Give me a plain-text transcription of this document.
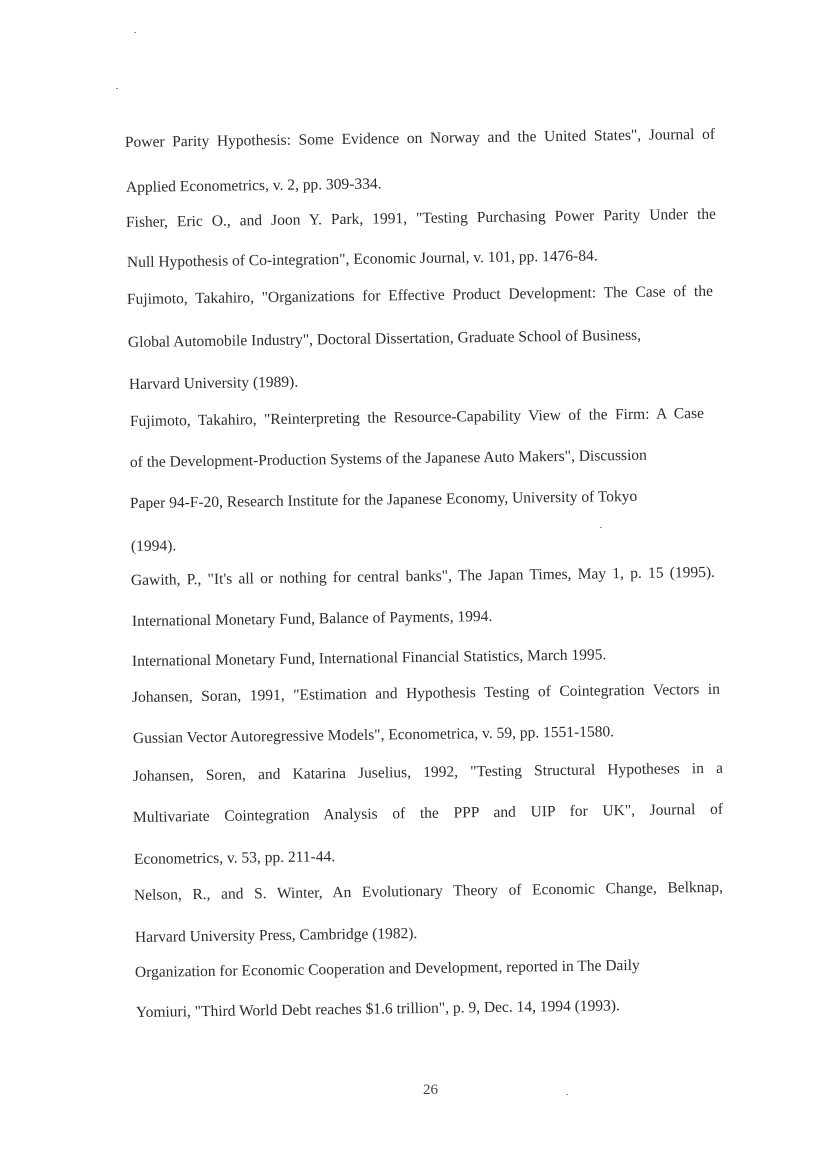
Power Parity Hypothesis: Some Evidence on Norway and the United States", Journal of
Applied Econometrics, v. 2, pp. 309-334.
Fisher, Eric O., and Joon Y. Park, 1991, "Testing Purchasing Power Parity Under the
Null Hypothesis of Co-integration", Economic Journal, v. 101, pp. 1476-84.
Fujimoto, Takahiro, "Organizations for Effective Product Development: The Case of the
Global Automobile Industry", Doctoral Dissertation, Graduate School of Business,
Harvard University (1989).
Fujimoto, Takahiro, "Reinterpreting the Resource-Capability View of the Firm: A Case
of the Development-Production Systems of the Japanese Auto Makers", Discussion
Paper 94-F-20, Research Institute for the Japanese Economy, University of Tokyo
(1994).
Gawith, P., "It's all or nothing for central banks", The Japan Times, May 1, p. 15 (1995).
International Monetary Fund, Balance of Payments, 1994.
International Monetary Fund, International Financial Statistics, March 1995.
Johansen, Soran, 1991, "Estimation and Hypothesis Testing of Cointegration Vectors in
Gussian Vector Autoregressive Models", Econometrica, v. 59, pp. 1551-1580.
Johansen, Soren, and Katarina Juselius, 1992, "Testing Structural Hypotheses in a
Multivariate Cointegration Analysis of the PPP and UIP for UK", Journal of
Econometrics, v. 53, pp. 211-44.
Nelson, R., and S. Winter, An Evolutionary Theory of Economic Change, Belknap,
Harvard University Press, Cambridge (1982).
Organization for Economic Cooperation and Development, reported in The Daily
Yomiuri, "Third World Debt reaches $1.6 trillion", p. 9, Dec. 14, 1994 (1993).
26
